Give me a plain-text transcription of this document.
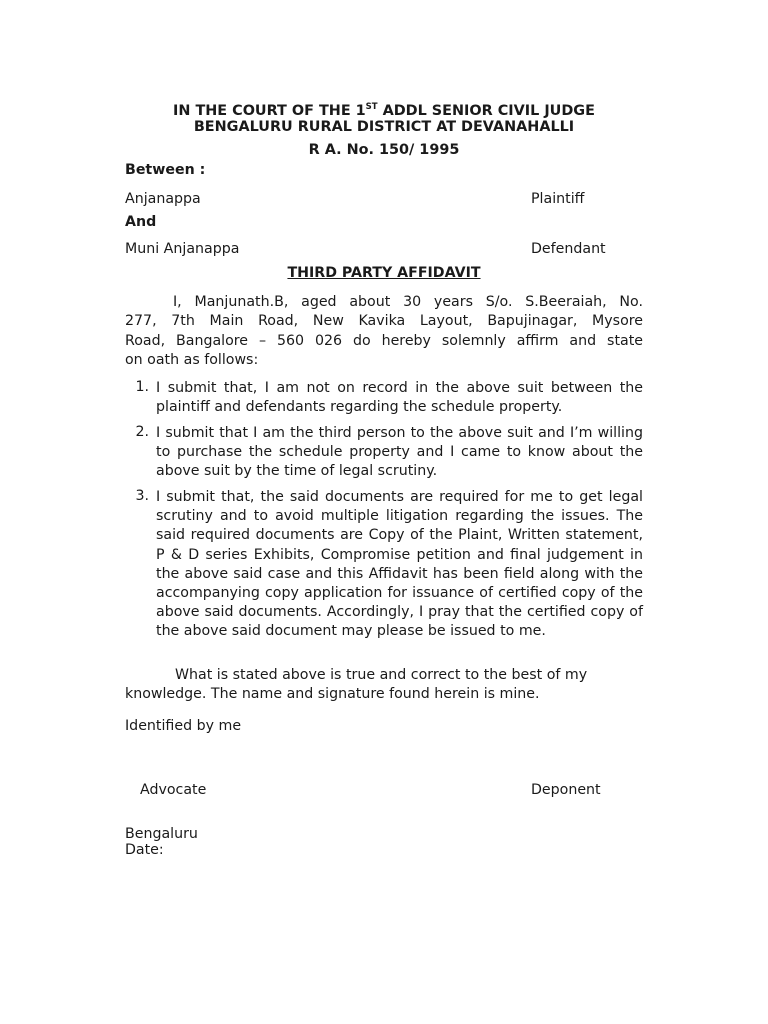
IN THE COURT OF THE 1ST ADDL SENIOR CIVIL JUDGE
BENGALURU RURAL DISTRICT AT DEVANAHALLI
R A. No. 150/ 1995
Between :
Anjanappa	Plaintiff
And
Muni Anjanappa	Defendant
THIRD PARTY AFFIDAVIT
I, Manjunath.B, aged about 30 years S/o. S.Beeraiah, No.
277, 7th Main Road, New Kavika Layout, Bapujinagar, Mysore
Road, Bangalore – 560 026 do hereby solemnly affirm and state
on oath as follows:
1. I submit that, I am not on record in the above suit between the plaintiff and defendants regarding the schedule property.
2. I submit that I am the third person to the above suit and I’m willing to purchase the schedule property and I came to know about the above suit by the time of legal scrutiny.
3. I submit that, the said documents are required for me to get legal scrutiny and to avoid multiple litigation regarding the issues. The said required documents are Copy of the Plaint, Written statement, P & D series Exhibits, Compromise petition and final judgement in the above said case and this Affidavit has been field along with the accompanying copy application for issuance of certified copy of the above said documents. Accordingly, I pray that the certified copy of the above said document may please be issued to me.
What is stated above is true and correct to the best of my
knowledge. The name and signature found herein is mine.
Identified by me
Advocate	Deponent
Bengaluru
Date:
